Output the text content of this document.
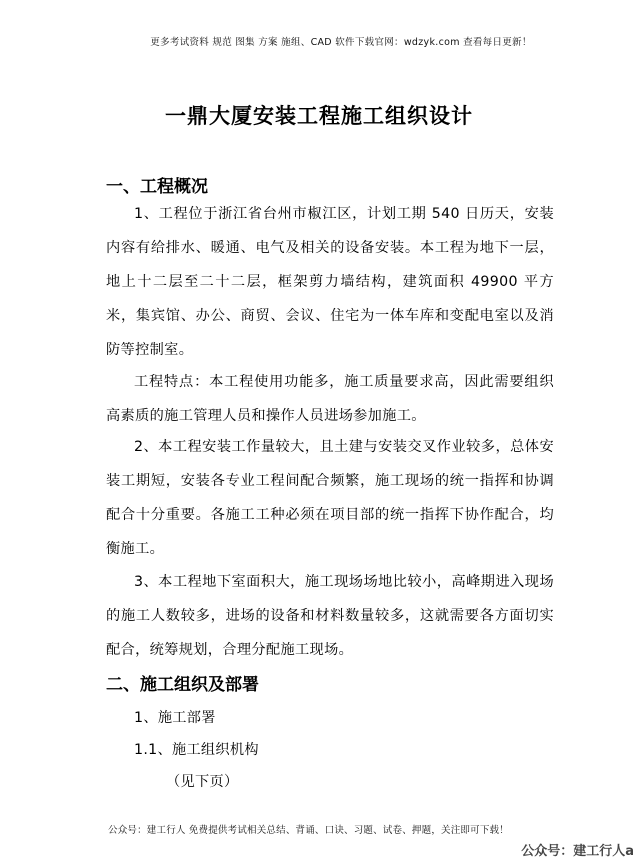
更多考试资料 规范 图集 方案 施组、CAD 软件下载官网：wdzyk.com 查看每日更新！
一鼎大厦安装工程施工组织设计
一、工程概况
1、工程位于浙江省台州市椒江区，计划工期 540 日历天，安装内容有给排水、暖通、电气及相关的设备安装。本工程为地下一层，地上十二层至二十二层，框架剪力墙结构，建筑面积 49900 平方米，集宾馆、办公、商贸、会议、住宅为一体车库和变配电室以及消防等控制室。
工程特点：本工程使用功能多，施工质量要求高，因此需要组织高素质的施工管理人员和操作人员进场参加施工。
2、本工程安装工作量较大，且土建与安装交叉作业较多，总体安装工期短，安装各专业工程间配合频繁，施工现场的统一指挥和协调配合十分重要。各施工工种必须在项目部的统一指挥下协作配合，均衡施工。
3、本工程地下室面积大，施工现场场地比较小，高峰期进入现场的施工人数较多，进场的设备和材料数量较多，这就需要各方面切实配合，统筹规划，合理分配施工现场。
二、施工组织及部署
1、施工部署
1.1、施工组织机构
（见下页）
公众号：建工行人 免费提供考试相关总结、背诵、口诀、习题、试卷、押题，关注即可下载！
公众号：建工行人a
